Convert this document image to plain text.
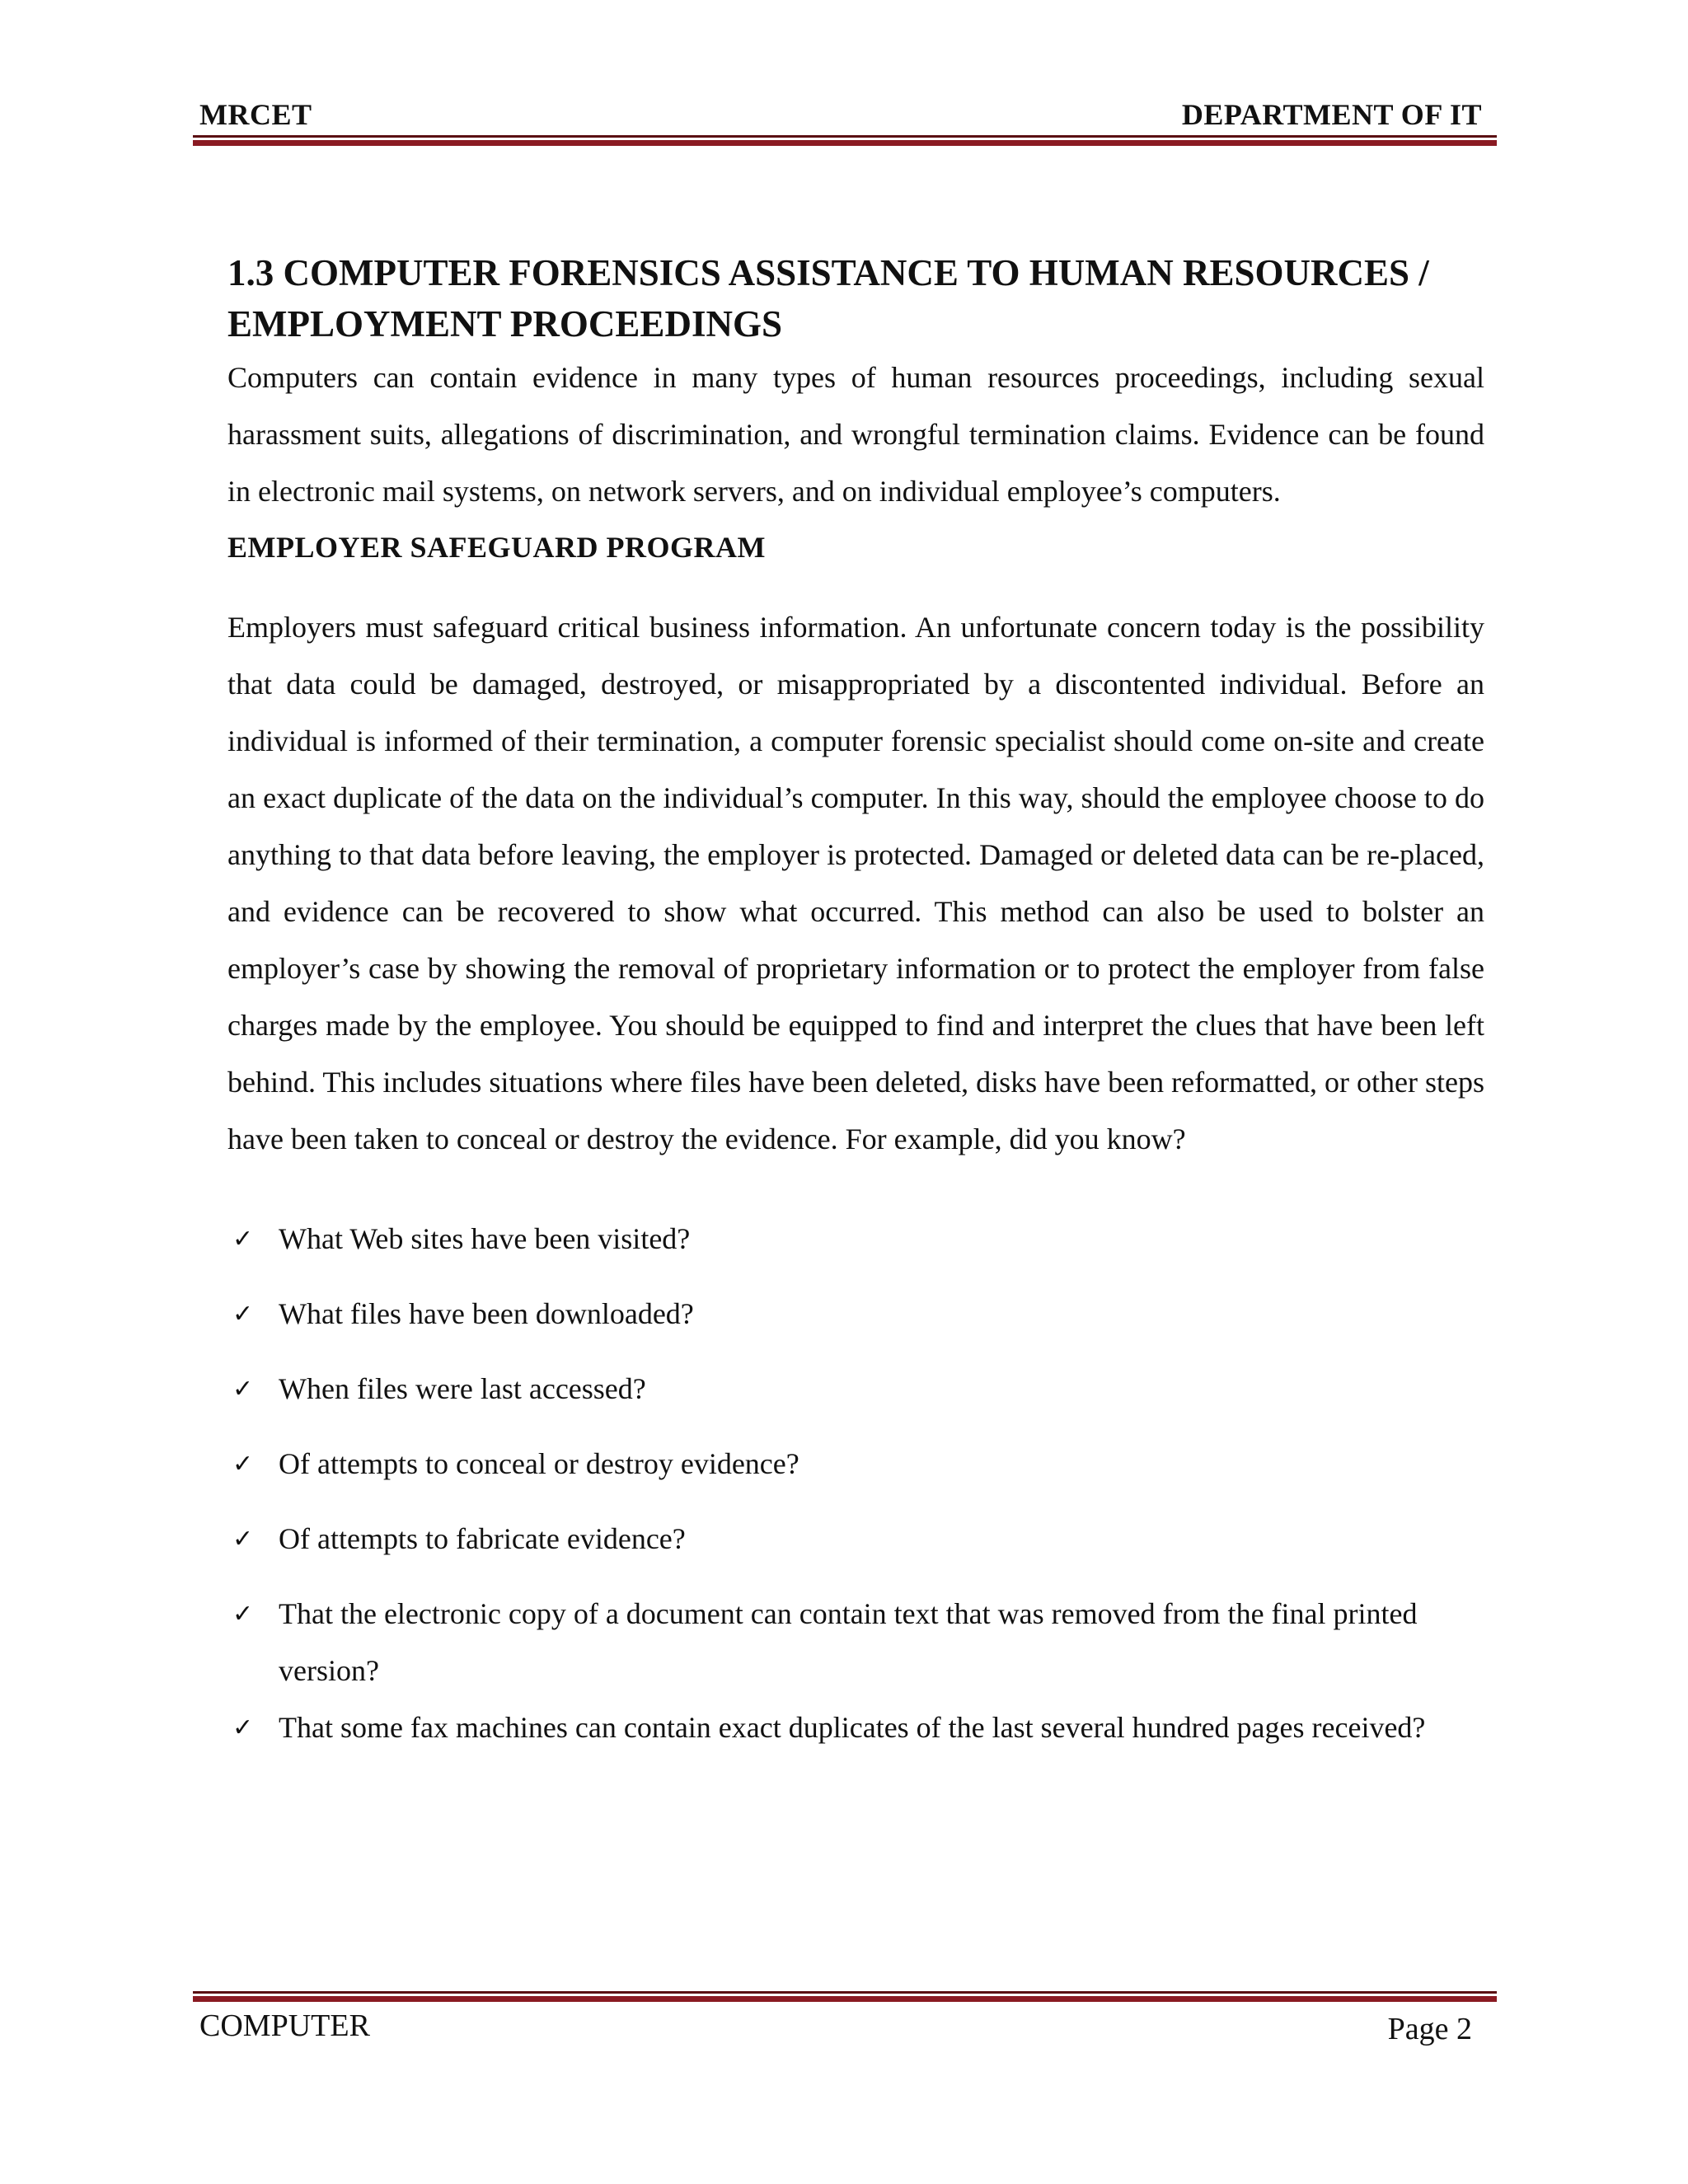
MRCET	DEPARTMENT OF IT
1.3 COMPUTER FORENSICS ASSISTANCE TO HUMAN RESOURCES /
EMPLOYMENT PROCEEDINGS

Computers can contain evidence in many types of human resources proceedings, including sexual harassment suits, allegations of discrimination, and wrongful termination claims. Evidence can be found in electronic mail systems, on network servers, and on individual employee’s computers.

EMPLOYER SAFEGUARD PROGRAM

Employers must safeguard critical business information. An unfortunate concern today is the possibility that data could be damaged, destroyed, or misappropriated by a discontented individual. Before an individual is informed of their termination, a computer forensic specialist should come on-site and create an exact duplicate of the data on the individual’s computer. In this way, should the employee choose to do anything to that data before leaving, the employer is protected. Damaged or deleted data can be re-placed, and evidence can be recovered to show what occurred. This method can also be used to bolster an employer’s case by showing the removal of proprietary information or to protect the employer from false charges made by the employee. You should be equipped to find and interpret the clues that have been left behind. This includes situations where files have been deleted, disks have been reformatted, or other steps have been taken to conceal or destroy the evidence. For example, did you know?

✓ What Web sites have been visited?
✓ What files have been downloaded?
✓ When files were last accessed?
✓ Of attempts to conceal or destroy evidence?
✓ Of attempts to fabricate evidence?
✓ That the electronic copy of a document can contain text that was removed from the final printed version?
✓ That some fax machines can contain exact duplicates of the last several hundred pages received?
COMPUTER	Page 2
